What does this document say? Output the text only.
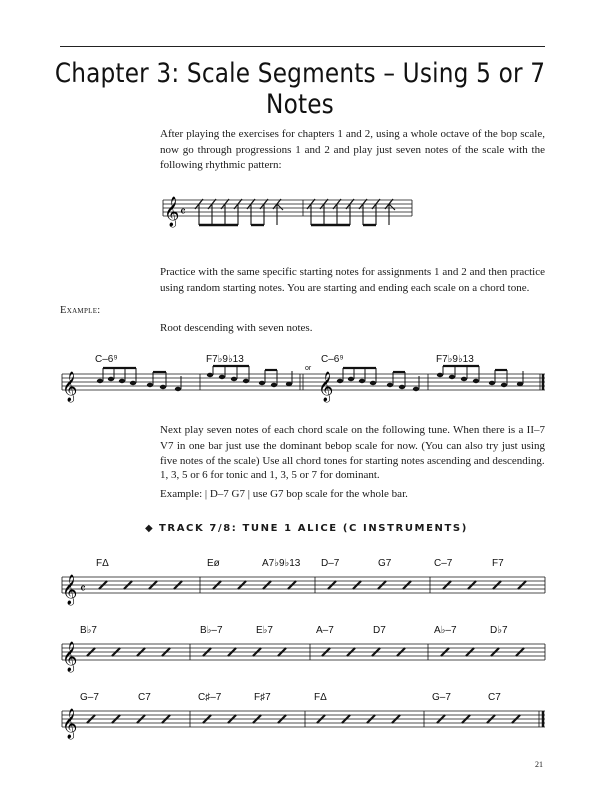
Chapter 3: Scale Segments – Using 5 or 7 Notes

After playing the exercises for chapters 1 and 2, using a whole octave of the bop scale, now go through progressions 1 and 2 and play just seven notes of the scale with the following rhythmic pattern:

𝄞 𝄴

Practice with the same specific starting notes for assignments 1 and 2 and then practice using random starting notes. You are starting and ending each scale on a chord tone.

Example:

Root descending with seven notes.

C–6⁹	F7♭9♭13
or
C–6⁹	F7♭9♭13
𝄞	𝄞

Next play seven notes of each chord scale on the following tune. When there is a II–7 V7 in one bar just use the dominant bebop scale for now. (You can also try just using five notes of the scale) Use all chord tones for starting notes ascending and descending.

1, 3, 5 or 6 for tonic and 1, 3, 5 or 7 for dominant.

Example: | D–7 G7 | use G7 bop scale for the whole bar.

◆ TRACK 7/8: TUNE 1 ALICE (C INSTRUMENTS)
FΔ	Eø	A7♭9♭13 D–7	G7	C–7	F7
𝄞 𝄴
B♭7	B♭–7	E♭7	A–7	D7	A♭–7	D♭7
𝄞
G–7	C7	C♯–7	F♯7	FΔ	G–7	C7
𝄞
21
